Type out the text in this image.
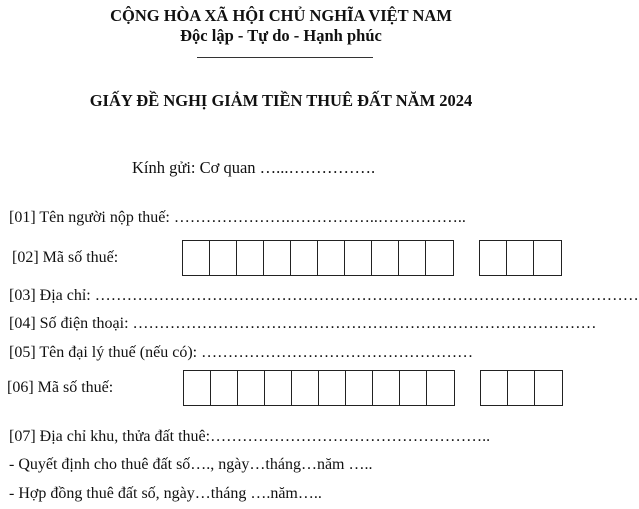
CỘNG HÒA XÃ HỘI CHỦ NGHĨA VIỆT NAM
Độc lập - Tự do - Hạnh phúc
GIẤY ĐỀ NGHỊ GIẢM TIỀN THUÊ ĐẤT NĂM 2024
Kính gửi: Cơ quan …...…………….
[01] Tên người nộp thuế: ………………….……………..……………..
[02] Mã số thuế:
[03] Địa chỉ: …………………………………………………………………………………………
[04] Số điện thoại: ……………………………………………………………………………
[05] Tên đại lý thuế (nếu có): ……………………………………………
[06] Mã số thuế:
[07] Địa chỉ khu, thửa đất thuê:……………………………………………..
- Quyết định cho thuê đất số…., ngày…tháng…năm …..
- Hợp đồng thuê đất số, ngày…tháng ….năm…..
